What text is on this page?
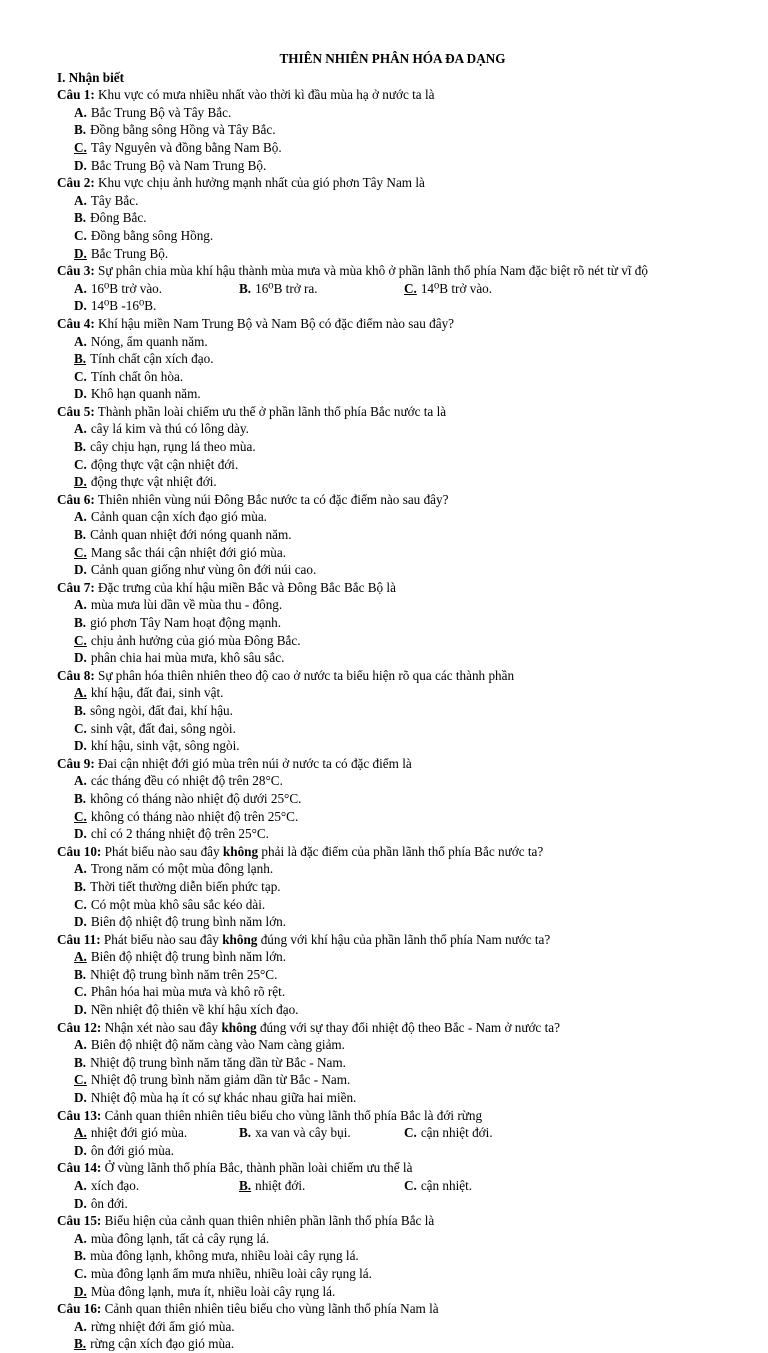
THIÊN NHIÊN PHÂN HÓA ĐA DẠNG
I. Nhận biết
Câu 1: Khu vực có mưa nhiều nhất vào thời kì đầu mùa hạ ở nước ta là
A. Bắc Trung Bộ và Tây Bắc.
B. Đồng bằng sông Hồng và Tây Bắc.
C. Tây Nguyên và đồng bằng Nam Bộ.
D. Bắc Trung Bộ và Nam Trung Bộ.
Câu 2: Khu vực chịu ảnh hưởng mạnh nhất của gió phơn Tây Nam là
A. Tây Bắc.
B. Đông Bắc.
C. Đồng bằng sông Hồng.
D. Bắc Trung Bộ.
Câu 3: Sự phân chia mùa khí hậu thành mùa mưa và mùa khô ở phần lãnh thổ phía Nam đặc biệt rõ nét từ vĩ độ
A. 16⁰B trở vào.	B. 16⁰B trở ra.	C. 14⁰B trở vào.
D. 14⁰B -16⁰B.
Câu 4: Khí hậu miền Nam Trung Bộ và Nam Bộ có đặc điểm nào sau đây?
A. Nóng, ẩm quanh năm.
B. Tính chất cận xích đạo.
C. Tính chất ôn hòa.
D. Khô hạn quanh năm.
Câu 5: Thành phần loài chiếm ưu thế ở phần lãnh thổ phía Bắc nước ta là
A. cây lá kim và thú có lông dày.
B. cây chịu hạn, rụng lá theo mùa.
C. động thực vật cận nhiệt đới.
D. động thực vật nhiệt đới.
Câu 6: Thiên nhiên vùng núi Đông Bắc nước ta có đặc điểm nào sau đây?
A. Cảnh quan cận xích đạo gió mùa.
B. Cảnh quan nhiệt đới nóng quanh năm.
C. Mang sắc thái cận nhiệt đới gió mùa.
D. Cảnh quan giống như vùng ôn đới núi cao.
Câu 7: Đặc trưng của khí hậu miền Bắc và Đông Bắc Bắc Bộ là
A. mùa mưa lùi dần về mùa thu - đông.
B. gió phơn Tây Nam hoạt động mạnh.
C. chịu ảnh hưởng của gió mùa Đông Bắc.
D. phân chia hai mùa mưa, khô sâu sắc.
Câu 8: Sự phân hóa thiên nhiên theo độ cao ở nước ta biểu hiện rõ qua các thành phần
A. khí hậu, đất đai, sinh vật.
B. sông ngòi, đất đai, khí hậu.
C. sinh vật, đất đai, sông ngòi.
D. khí hậu, sinh vật, sông ngòi.
Câu 9: Đai cận nhiệt đới gió mùa trên núi ở nước ta có đặc điểm là
A. các tháng đều có nhiệt độ trên 28°C.
B. không có tháng nào nhiệt độ dưới 25°C.
C. không có tháng nào nhiệt độ trên 25°C.
D. chỉ có 2 tháng nhiệt độ trên 25°C.
Câu 10: Phát biểu nào sau đây không phải là đặc điểm của phần lãnh thổ phía Bắc nước ta?
A. Trong năm có một mùa đông lạnh.
B. Thời tiết thường diễn biến phức tạp.
C. Có một mùa khô sâu sắc kéo dài.
D. Biên độ nhiệt độ trung bình năm lớn.
Câu 11: Phát biểu nào sau đây không đúng với khí hậu của phần lãnh thổ phía Nam nước ta?
A. Biên độ nhiệt độ trung bình năm lớn.
B. Nhiệt độ trung bình năm trên 25°C.
C. Phân hóa hai mùa mưa và khô rõ rệt.
D. Nền nhiệt độ thiên về khí hậu xích đạo.
Câu 12: Nhận xét nào sau đây không đúng với sự thay đổi nhiệt độ theo Bắc - Nam ở nước ta?
A. Biên độ nhiệt độ năm càng vào Nam càng giảm.
B. Nhiệt độ trung bình năm tăng dần từ Bắc - Nam.
C. Nhiệt độ trung bình năm giảm dần từ Bắc - Nam.
D. Nhiệt độ mùa hạ ít có sự khác nhau giữa hai miền.
Câu 13: Cảnh quan thiên nhiên tiêu biểu cho vùng lãnh thổ phía Bắc là đới rừng
A. nhiệt đới gió mùa.	B. xa van và cây bụi.	C. cận nhiệt đới.
D. ôn đới gió mùa.
Câu 14: Ở vùng lãnh thổ phía Bắc, thành phần loài chiếm ưu thế là
A. xích đạo.	B. nhiệt đới.	C. cận nhiệt.
D. ôn đới.
Câu 15: Biểu hiện của cảnh quan thiên nhiên phần lãnh thổ phía Bắc là
A. mùa đông lạnh, tất cả cây rụng lá.
B. mùa đông lạnh, không mưa, nhiều loài cây rụng lá.
C. mùa đông lạnh ẩm mưa nhiều, nhiều loài cây rụng lá.
D. Mùa đông lạnh, mưa ít, nhiều loài cây rụng lá.
Câu 16: Cảnh quan thiên nhiên tiêu biểu cho vùng lãnh thổ phía Nam là
A. rừng nhiệt đới ẩm gió mùa.
B. rừng cận xích đạo gió mùa.
